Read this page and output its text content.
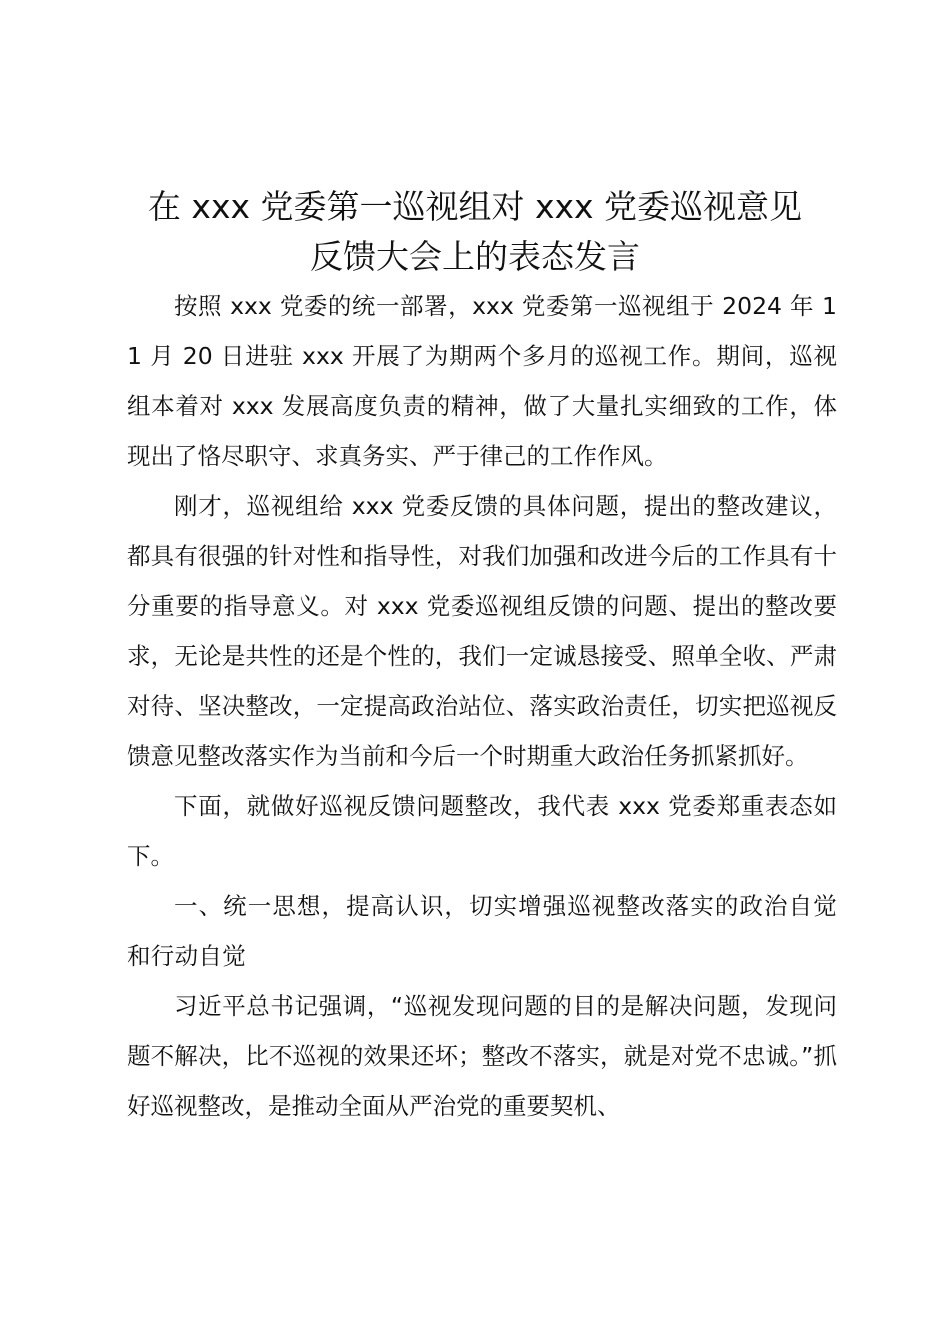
在 xxx 党委第一巡视组对 xxx 党委巡视意见
反馈大会上的表态发言

按照 xxx 党委的统一部署，xxx 党委第一巡视组于 2024 年 11 月 20 日进驻 xxx 开展了为期两个多月的巡视工作。期间，巡视组本着对 xxx 发展高度负责的精神，做了大量扎实细致的工作，体现出了恪尽职守、求真务实、严于律己的工作作风。

刚才，巡视组给 xxx 党委反馈的具体问题，提出的整改建议，都具有很强的针对性和指导性，对我们加强和改进今后的工作具有十分重要的指导意义。对 xxx 党委巡视组反馈的问题、提出的整改要求，无论是共性的还是个性的，我们一定诚恳接受、照单全收、严肃对待、坚决整改，一定提高政治站位、落实政治责任，切实把巡视反馈意见整改落实作为当前和今后一个时期重大政治任务抓紧抓好。

下面，就做好巡视反馈问题整改，我代表 xxx 党委郑重表态如下。

一、统一思想，提高认识，切实增强巡视整改落实的政治自觉和行动自觉

习近平总书记强调，“巡视发现问题的目的是解决问题，发现问题不解决，比不巡视的效果还坏；整改不落实，就是对党不忠诚。”抓好巡视整改，是推动全面从严治党的重要契机、
